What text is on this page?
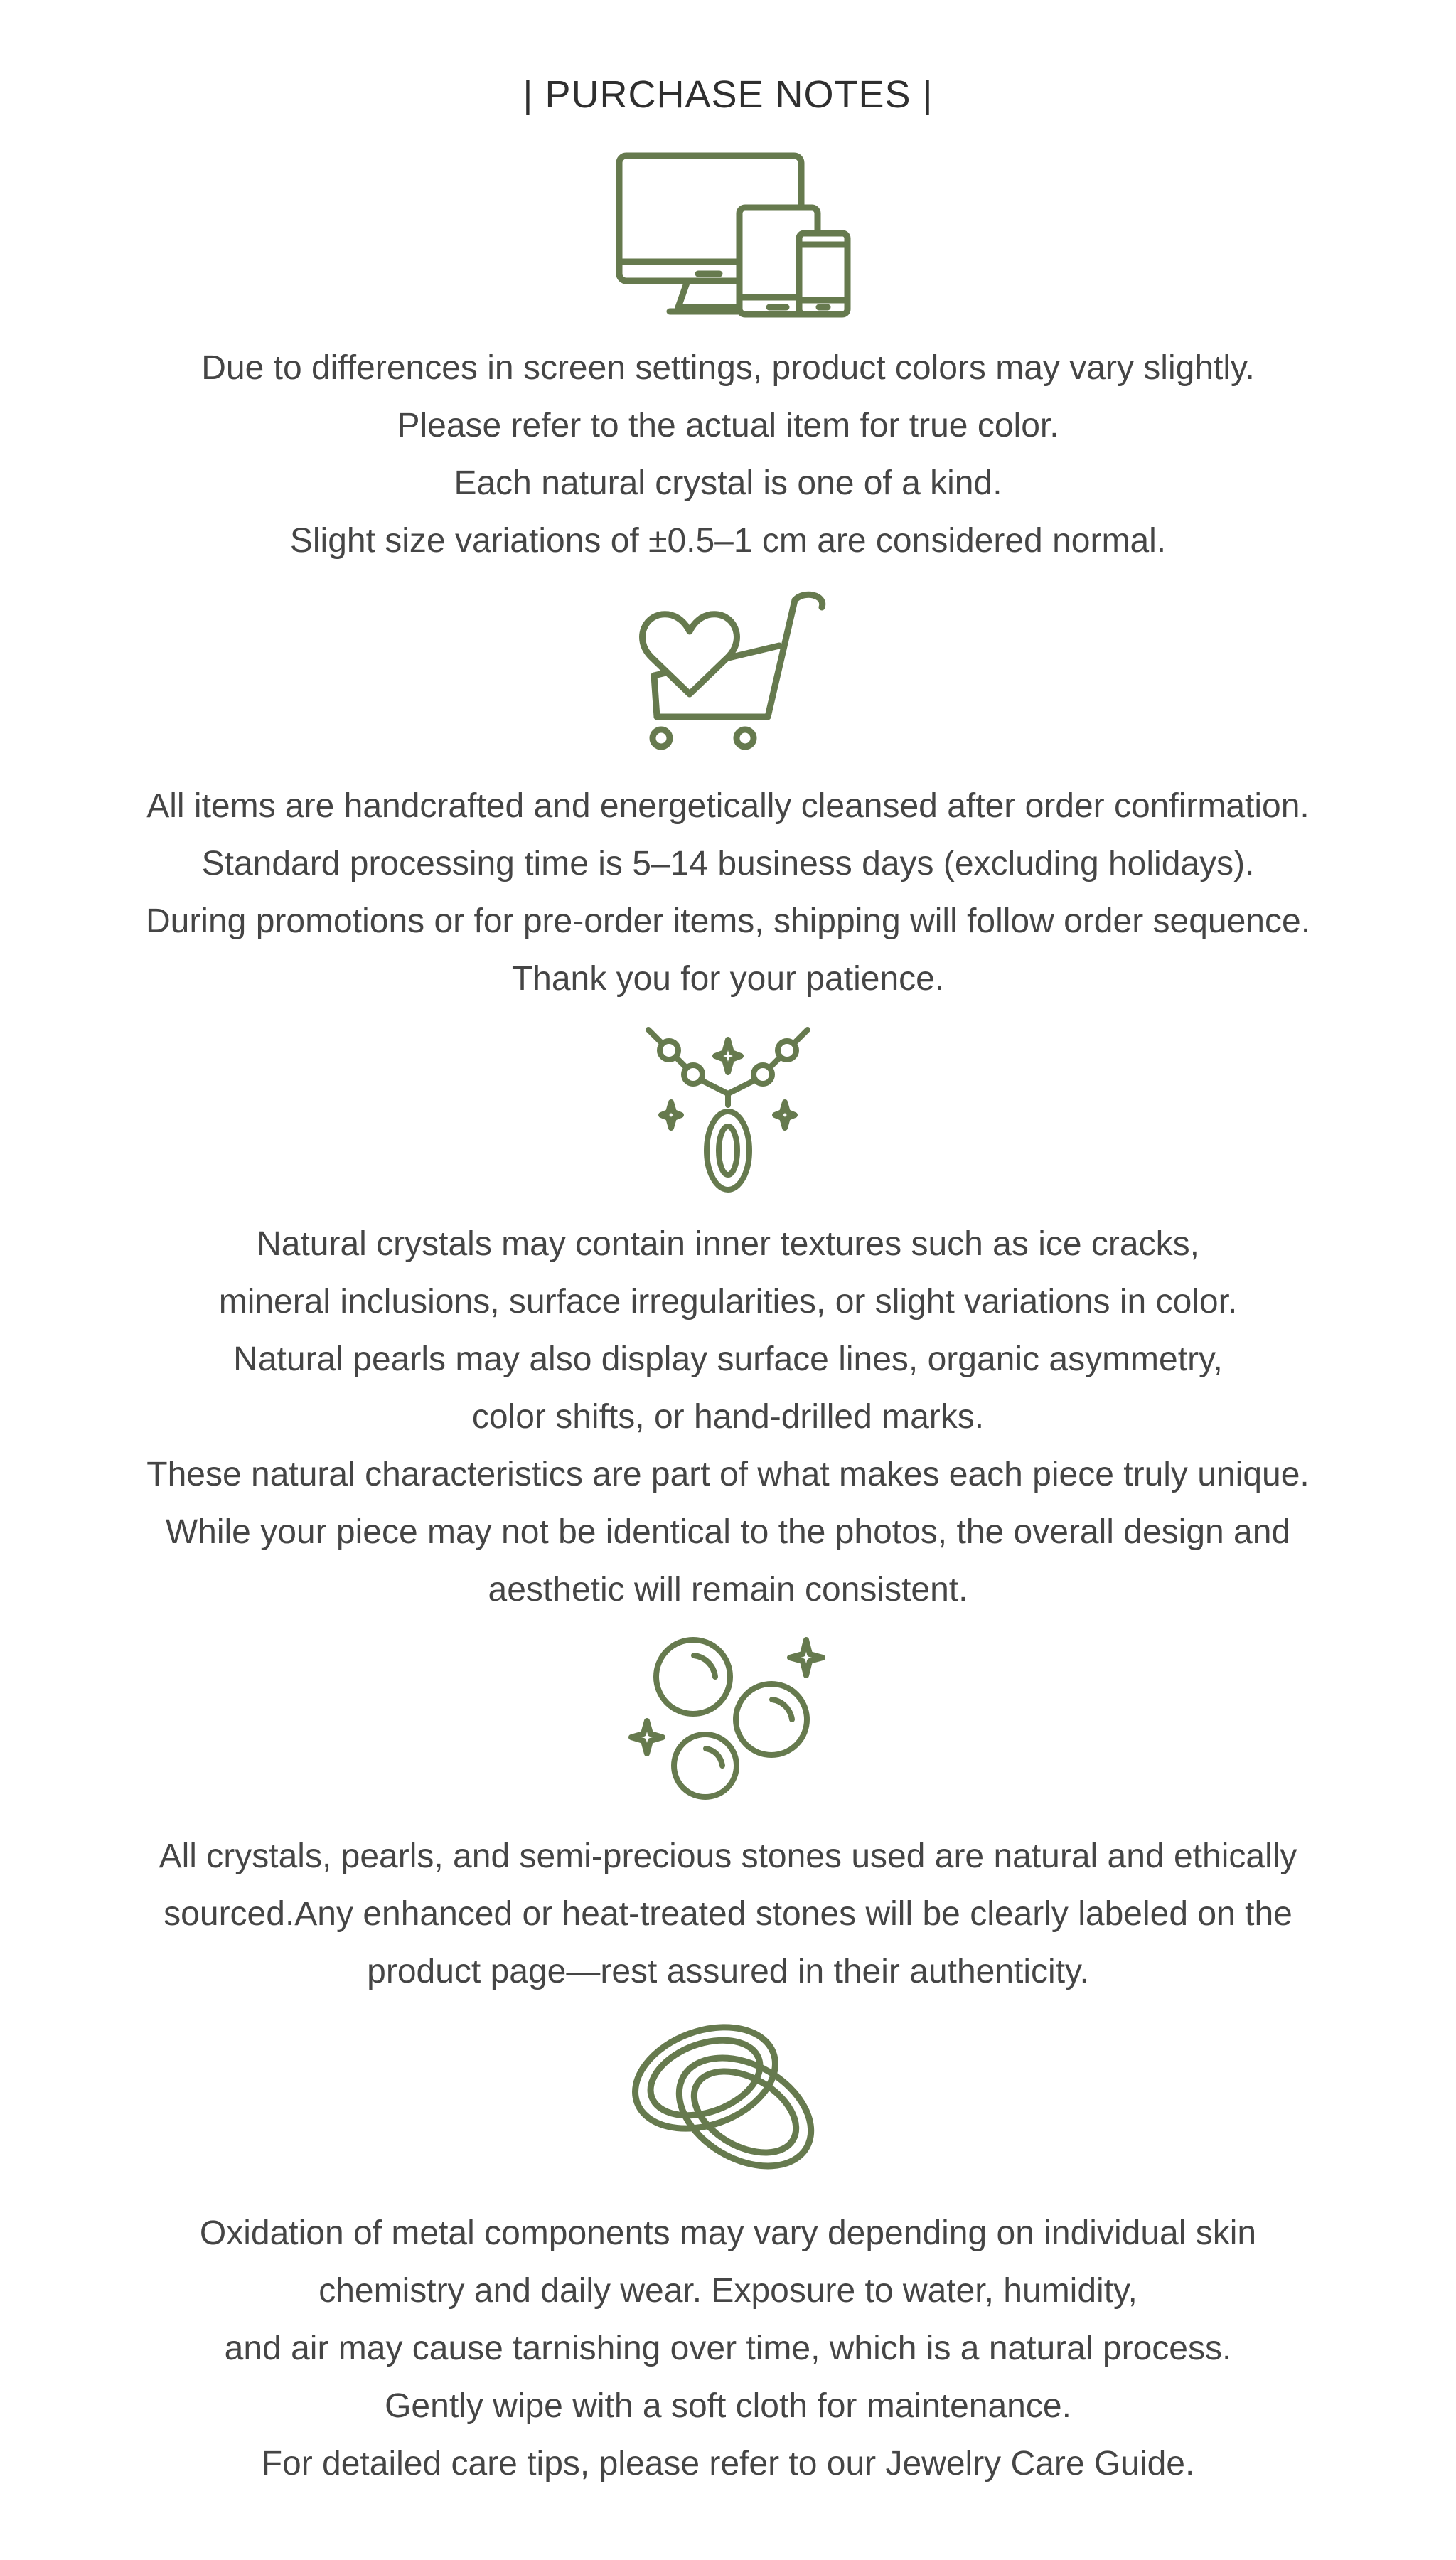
| PURCHASE NOTES |
Due to differences in screen settings, product colors may vary slightly.
Please refer to the actual item for true color.
Each natural crystal is one of a kind.
Slight size variations of ±0.5–1 cm are considered normal.
All items are handcrafted and energetically cleansed after order confirmation.
Standard processing time is 5–14 business days (excluding holidays).
During promotions or for pre-order items, shipping will follow order sequence.
Thank you for your patience.
Natural crystals may contain inner textures such as ice cracks,
mineral inclusions, surface irregularities, or slight variations in color.
Natural pearls may also display surface lines, organic asymmetry,
color shifts, or hand-drilled marks.
These natural characteristics are part of what makes each piece truly unique.
While your piece may not be identical to the photos, the overall design and
aesthetic will remain consistent.
All crystals, pearls, and semi-precious stones used are natural and ethically
sourced.Any enhanced or heat-treated stones will be clearly labeled on the
product page—rest assured in their authenticity.
Oxidation of metal components may vary depending on individual skin
chemistry and daily wear. Exposure to water, humidity,
and air may cause tarnishing over time, which is a natural process.
Gently wipe with a soft cloth for maintenance.
For detailed care tips, please refer to our Jewelry Care Guide.
